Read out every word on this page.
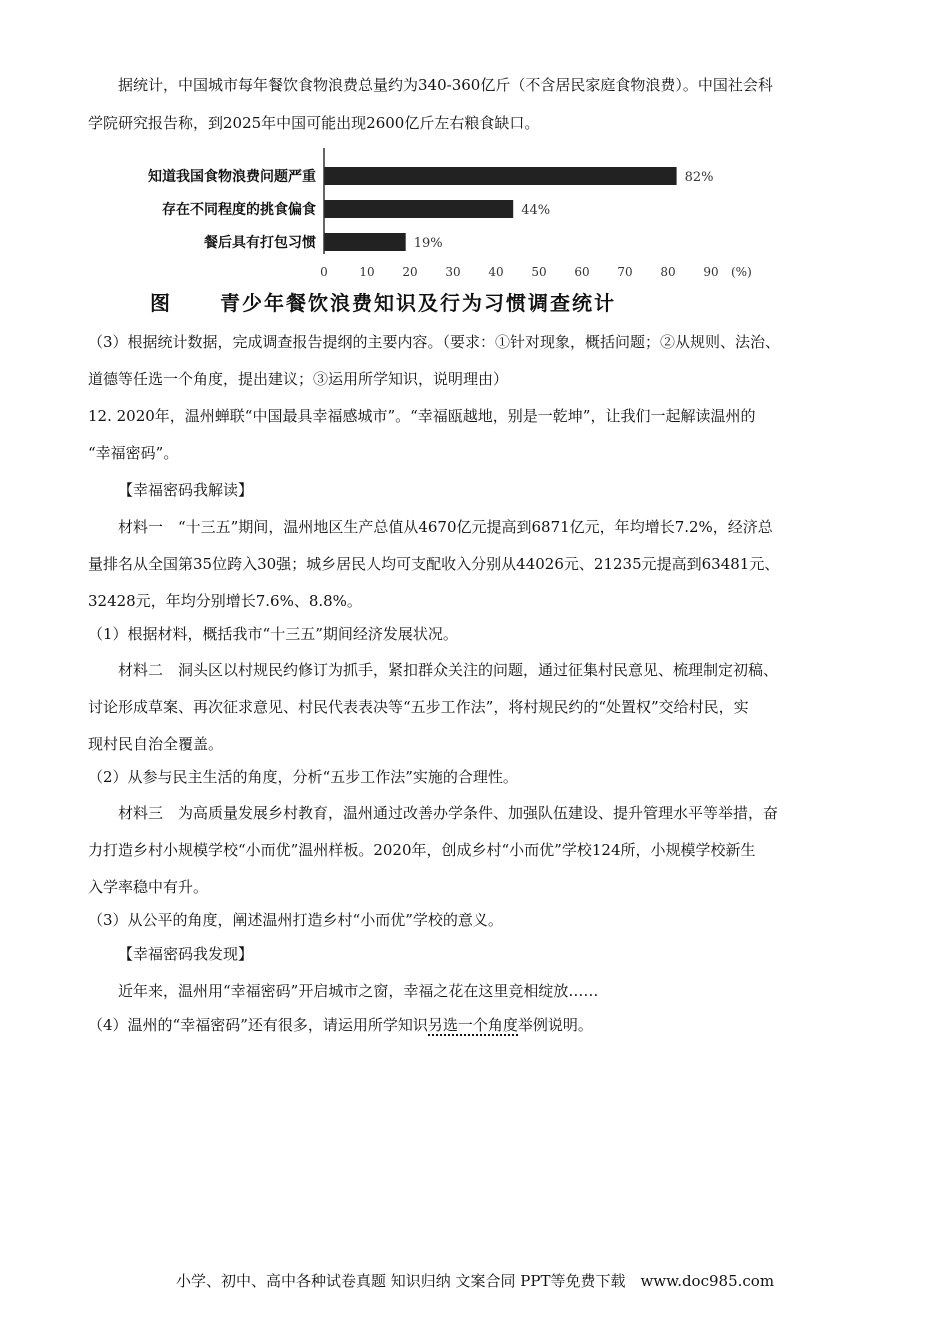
据统计，中国城市每年餐饮食物浪费总量约为340-360亿斤（不含居民家庭食物浪费）。中国社会科
学院研究报告称，到2025年中国可能出现2600亿斤左右粮食缺口。
知道我国食物浪费问题严重
存在不同程度的挑食偏食
餐后具有打包习惯
82%
44%
19%
0	10 20 30 40 50 60 70 80 90 (%)
图 青少年餐饮浪费知识及行为习惯调查统计
（3）根据统计数据，完成调查报告提纲的主要内容。（要求：①针对现象，概括问题；②从规则、法治、
道德等任选一个角度，提出建议；③运用所学知识，说明理由）
12. 2020年，温州蝉联“中国最具幸福感城市”。“幸福瓯越地，别是一乾坤”，让我们一起解读温州的
“幸福密码”。
【幸福密码我解读】
材料一　“十三五”期间，温州地区生产总值从4670亿元提高到6871亿元，年均增长7.2%，经济总
量排名从全国第35位跨入30强；城乡居民人均可支配收入分别从44026元、21235元提高到63481元、
32428元，年均分别增长7.6%、8.8%。
（1）根据材料，概括我市“十三五”期间经济发展状况。
材料二　洞头区以村规民约修订为抓手，紧扣群众关注的问题，通过征集村民意见、梳理制定初稿、
讨论形成草案、再次征求意见、村民代表表决等“五步工作法”，将村规民约的“处置权”交给村民，实
现村民自治全覆盖。
（2）从参与民主生活的角度，分析“五步工作法”实施的合理性。
材料三　为高质量发展乡村教育，温州通过改善办学条件、加强队伍建设、提升管理水平等举措，奋
力打造乡村小规模学校“小而优”温州样板。2020年，创成乡村“小而优”学校124所，小规模学校新生
入学率稳中有升。
（3）从公平的角度，阐述温州打造乡村“小而优”学校的意义。
【幸福密码我发现】
近年来，温州用“幸福密码”开启城市之窗，幸福之花在这里竞相绽放……
（4）温州的“幸福密码”还有很多，请运用所学知识另选一个角度举例说明。
小学、初中、高中各种试卷真题 知识归纳 文案合同 PPT等免费下载　www.doc985.com
